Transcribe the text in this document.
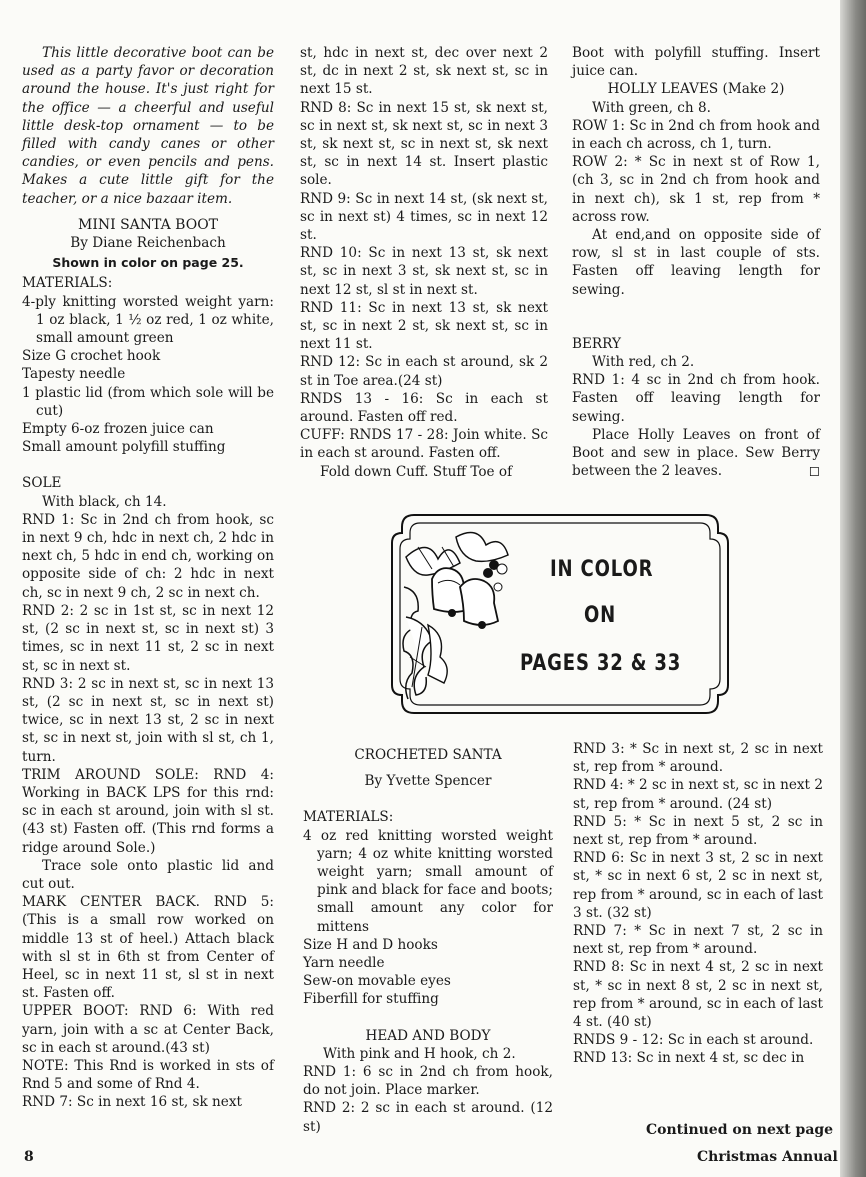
This little decorative boot can be used as a party favor or decoration around the house. It's just right for the office — a cheerful and useful little desk-top ornament — to be filled with candy canes or other candies, or even pencils and pens. Makes a cute little gift for the teacher, or a nice bazaar item.

MINI SANTA BOOT

By Diane Reichenbach

Shown in color on page 25.

MATERIALS:

4-ply knitting worsted weight yarn: 1 oz black, 1 ½ oz red, 1 oz white, small amount green

Size G crochet hook

Tapesty needle

1 plastic lid (from which sole will be cut)

Empty 6-oz frozen juice can

Small amount polyfill stuffing

SOLE

With black, ch 14.

RND 1: Sc in 2nd ch from hook, sc in next 9 ch, hdc in next ch, 2 hdc in next ch, 5 hdc in end ch, working on opposite side of ch: 2 hdc in next ch, sc in next 9 ch, 2 sc in next ch.

RND 2: 2 sc in 1st st, sc in next 12 st, (2 sc in next st, sc in next st) 3 times, sc in next 11 st, 2 sc in next st, sc in next st.

RND 3: 2 sc in next st, sc in next 13 st, (2 sc in next st, sc in next st) twice, sc in next 13 st, 2 sc in next st, sc in next st, join with sl st, ch 1, turn.

TRIM AROUND SOLE: RND 4: Working in BACK LPS for this rnd: sc in each st around, join with sl st.(43 st) Fasten off. (This rnd forms a ridge around Sole.)

Trace sole onto plastic lid and cut out.

MARK CENTER BACK. RND 5: (This is a small row worked on middle 13 st of heel.) Attach black with sl st in 6th st from Center of Heel, sc in next 11 st, sl st in next st. Fasten off.

UPPER BOOT: RND 6: With red yarn, join with a sc at Center Back, sc in each st around.(43 st)

NOTE: This Rnd is worked in sts of Rnd 5 and some of Rnd 4.

RND 7: Sc in next 16 st, sk next

st, hdc in next st, dec over next 2 st, dc in next 2 st, sk next st, sc in next 15 st.

RND 8: Sc in next 15 st, sk next st, sc in next st, sk next st, sc in next 3 st, sk next st, sc in next st, sk next st, sc in next 14 st. Insert plastic sole.

RND 9: Sc in next 14 st, (sk next st, sc in next st) 4 times, sc in next 12 st.

RND 10: Sc in next 13 st, sk next st, sc in next 3 st, sk next st, sc in next 12 st, sl st in next st.

RND 11: Sc in next 13 st, sk next st, sc in next 2 st, sk next st, sc in next 11 st.

RND 12: Sc in each st around, sk 2 st in Toe area.(24 st)

RNDS 13 - 16: Sc in each st around. Fasten off red.

CUFF: RNDS 17 - 28: Join white. Sc in each st around. Fasten off.

Fold down Cuff. Stuff Toe of

Boot with polyfill stuffing. Insert juice can.

HOLLY LEAVES (Make 2)

With green, ch 8.

ROW 1: Sc in 2nd ch from hook and in each ch across, ch 1, turn.

ROW 2: * Sc in next st of Row 1, (ch 3, sc in 2nd ch from hook and in next ch), sk 1 st, rep from * across row.

At end,and on opposite side of row, sl st in last couple of sts. Fasten off leaving length for sewing.

BERRY

With red, ch 2.

RND 1: 4 sc in 2nd ch from hook. Fasten off leaving length for sewing.

Place Holly Leaves on front of Boot and sew in place. Sew Berry between the 2 leaves.	◻

IN COLOR
ON
PAGES 32 & 33

CROCHETED SANTA

By Yvette Spencer

MATERIALS:

4 oz red knitting worsted weight yarn; 4 oz white knitting worsted weight yarn; small amount of pink and black for face and boots; small amount any color for mittens

Size H and D hooks

Yarn needle

Sew-on movable eyes

Fiberfill for stuffing

HEAD AND BODY

With pink and H hook, ch 2.

RND 1: 6 sc in 2nd ch from hook, do not join. Place marker.

RND 2: 2 sc in each st around. (12 st)

RND 3: * Sc in next st, 2 sc in next st, rep from * around.

RND 4: * 2 sc in next st, sc in next 2 st, rep from * around. (24 st)

RND 5: * Sc in next 5 st, 2 sc in next st, rep from * around.

RND 6: Sc in next 3 st, 2 sc in next st, * sc in next 6 st, 2 sc in next st, rep from * around, sc in each of last 3 st. (32 st)

RND 7: * Sc in next 7 st, 2 sc in next st, rep from * around.

RND 8: Sc in next 4 st, 2 sc in next st, * sc in next 8 st, 2 sc in next st, rep from * around, sc in each of last 4 st. (40 st)

RNDS 9 - 12: Sc in each st around.

RND 13: Sc in next 4 st, sc dec in

Continued on next page
8	Christmas Annual
